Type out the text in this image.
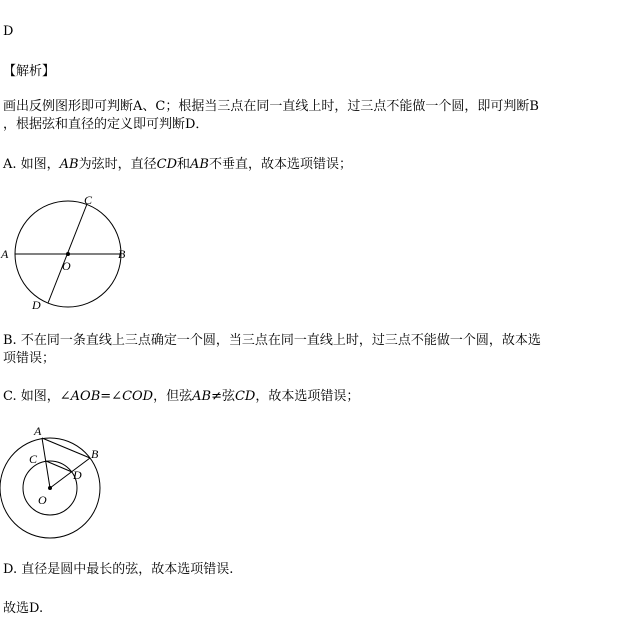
D
【解析】
画出反例图形即可判断A、C；根据当三点在同一直线上时，过三点不能做一个圆，即可判断B
，根据弦和直径的定义即可判断D．
A. 如图，AB为弦时，直径CD和AB不垂直，故本选项错误；
A	B
C
D
O
B. 不在同一条直线上三点确定一个圆，当三点在同一直线上时，过三点不能做一个圆，故本选
项错误；
C. 如图，∠AOB=∠COD，但弦AB≠弦CD，故本选项错误；
A
B
C
D
O
D. 直径是圆中最长的弦，故本选项错误.
故选D.
